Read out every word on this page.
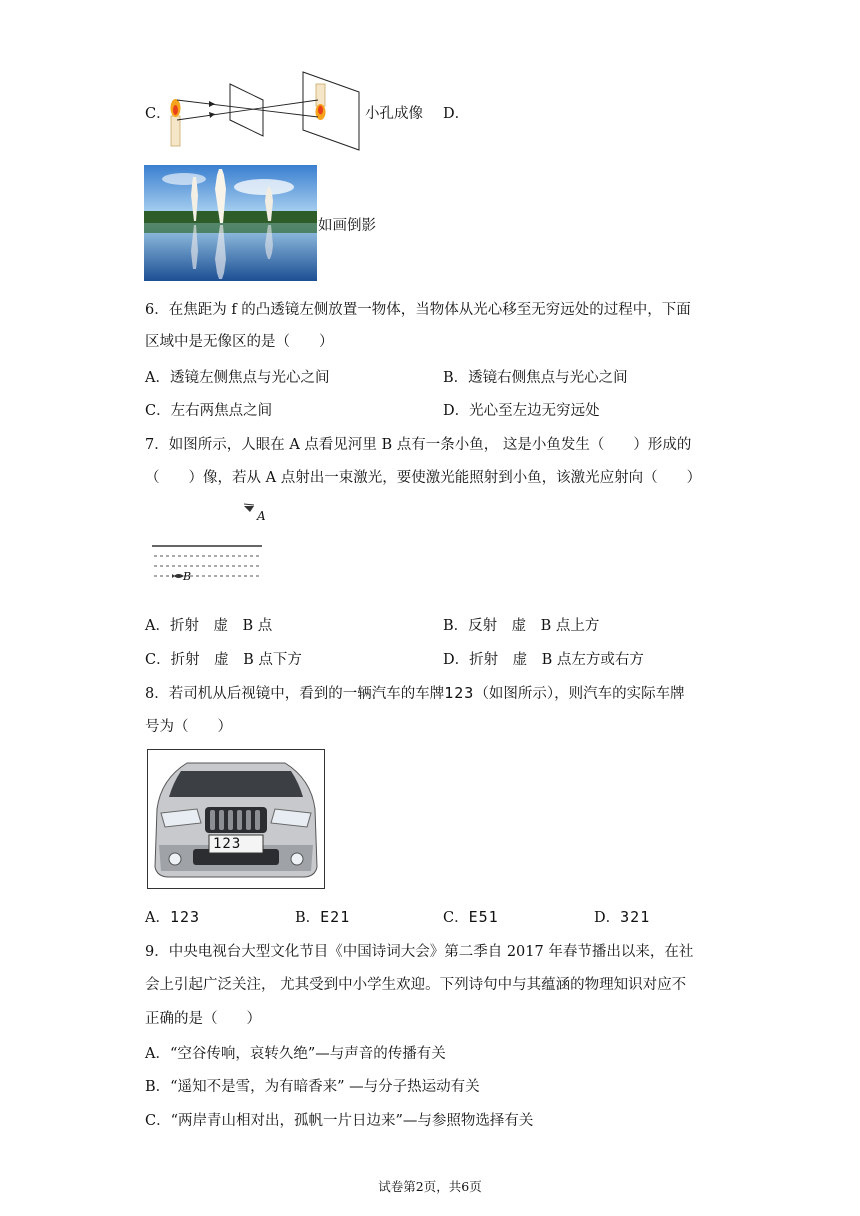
C．	小孔成像 D．
如画倒影
6．在焦距为 f 的凸透镜左侧放置一物体，当物体从光心移至无穷远处的过程中，下面
区域中是无像区的是（　　）
A．透镜左侧焦点与光心之间	B．透镜右侧焦点与光心之间
C．左右两焦点之间	D．光心至左边无穷远处
7．如图所示，人眼在 A 点看见河里 B 点有一条小鱼， 这是小鱼发生（　　）形成的
（　　）像，若从 A 点射出一束激光，要使激光能照射到小鱼，该激光应射向（　　）
A
B
A．折射　虚　B 点	B．反射　虚　B 点上方
C．折射　虚　B 点下方	D．折射　虚　B 点左方或右方
8．若司机从后视镜中，看到的一辆汽车的车牌123（如图所示），则汽车的实际车牌
号为（　　）
123
A．123	B．E21	C．E51	D．321
9．中央电视台大型文化节目《中国诗词大会》第二季自 2017 年春节播出以来，在社
会上引起广泛关注， 尤其受到中小学生欢迎。下列诗句中与其蕴涵的物理知识对应不
正确的是（　　）
A．“空谷传响，哀转久绝”—与声音的传播有关
B．“遥知不是雪，为有暗香来” —与分子热运动有关
C．“两岸青山相对出，孤帆一片日边来”—与参照物选择有关
试卷第2页，共6页
